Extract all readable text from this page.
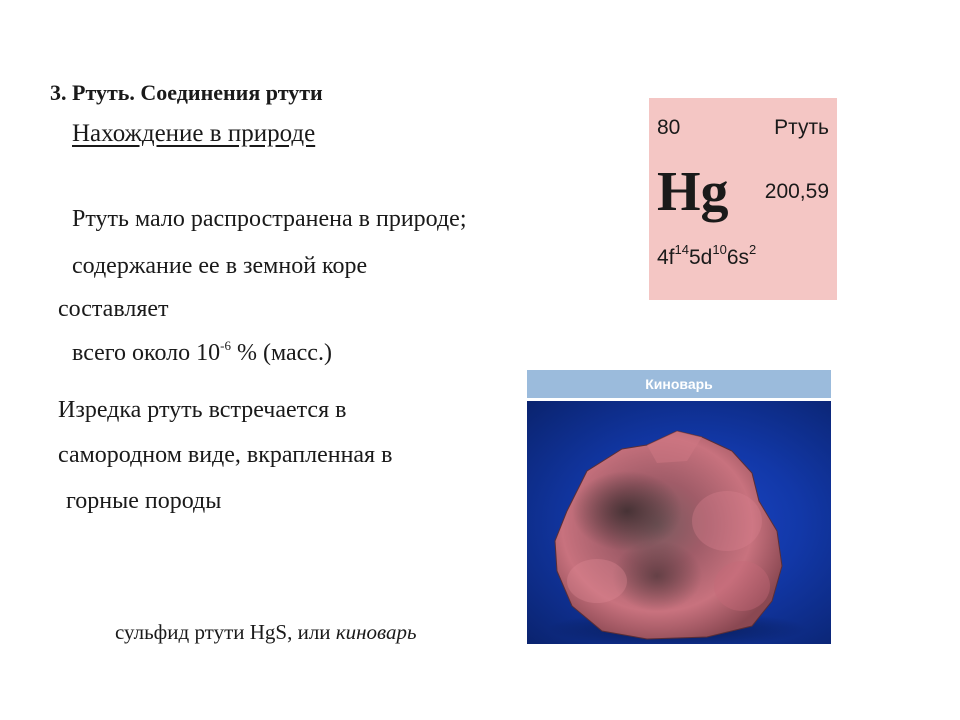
3. Ртуть. Соединения ртути
Нахождение в природе
Ртуть мало распространена в природе;
содержание ее в земной коре
составляет
всего около $10^{-6}$ % (масс.)
Изредка ртуть встречается в
самородном виде, вкрапленная в
горные породы
80	Ртуть
Hg 200,59
$4f^{14}5d^{10}6s^2$
Киноварь
сульфид ртути HgS, или киноварь
